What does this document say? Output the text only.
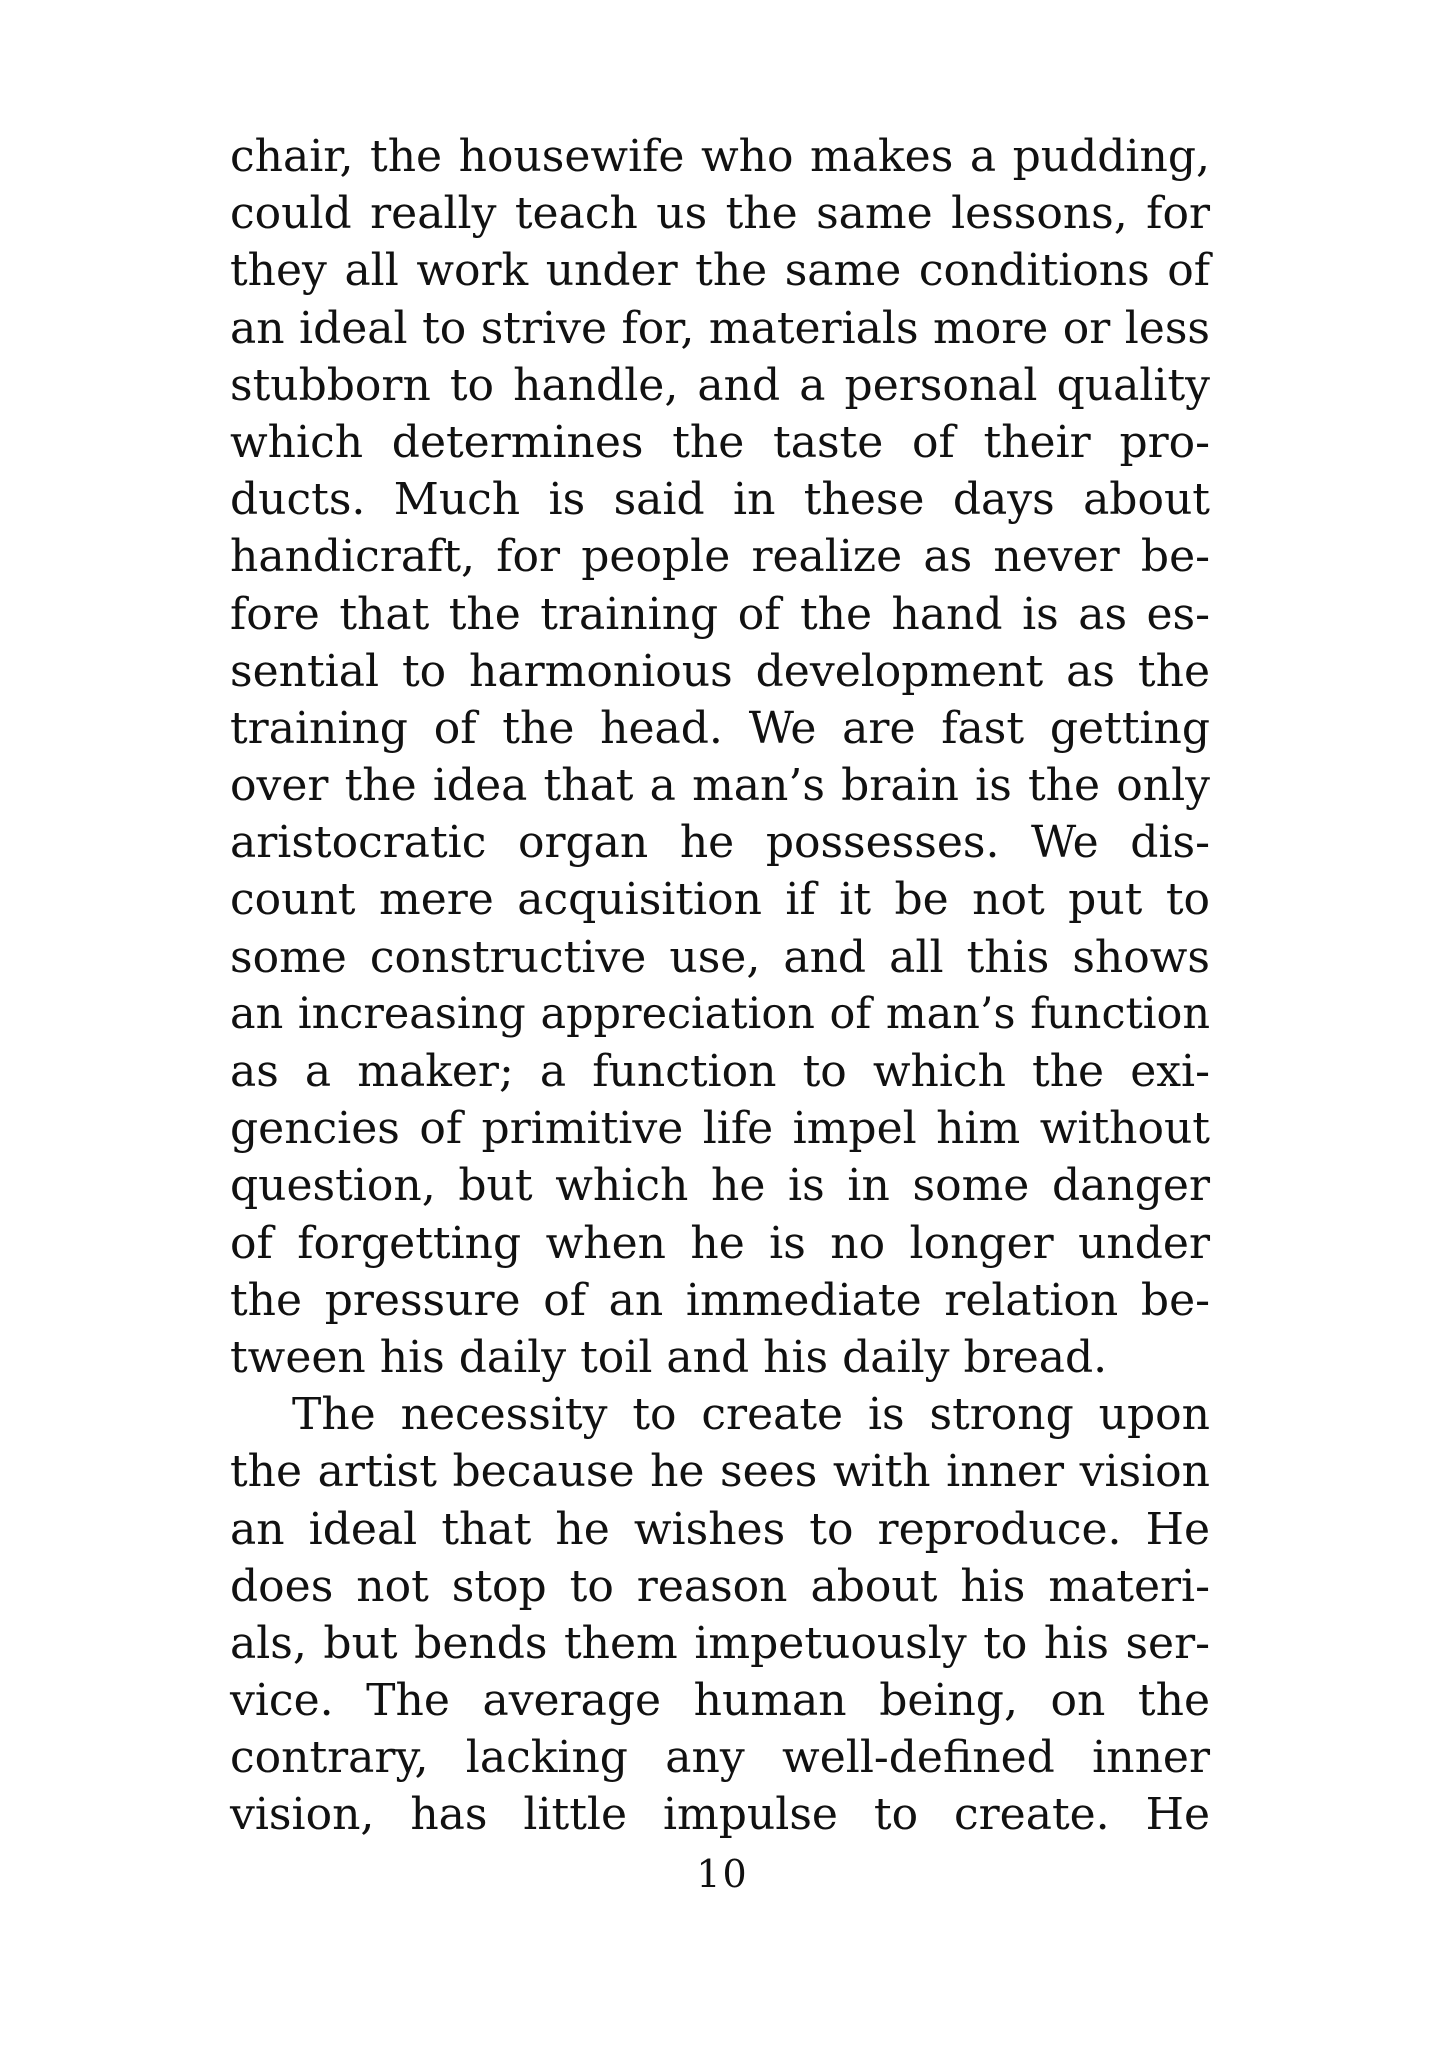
chair, the housewife who makes a pudding,
could really teach us the same lessons, for
they all work under the same conditions of
an ideal to strive for, materials more or less
stubborn to handle, and a personal quality
which determines the taste of their pro-
ducts. Much is said in these days about
handicraft, for people realize as never be-
fore that the training of the hand is as es-
sential to harmonious development as the
training of the head. We are fast getting
over the idea that a man’s brain is the only
aristocratic organ he possesses. We dis-
count mere acquisition if it be not put to
some constructive use, and all this shows
an increasing appreciation of man’s function
as a maker; a function to which the exi-
gencies of primitive life impel him without
question, but which he is in some danger
of forgetting when he is no longer under
the pressure of an immediate relation be-
tween his daily toil and his daily bread.
The necessity to create is strong upon
the artist because he sees with inner vision
an ideal that he wishes to reproduce. He
does not stop to reason about his materi-
als, but bends them impetuously to his ser-
vice. The average human being, on the
contrary, lacking any well-defined inner
vision, has little impulse to create. He
10
